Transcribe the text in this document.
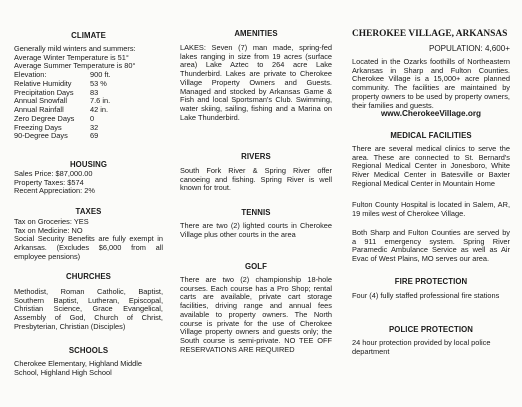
CLIMATE

Generally mild winters and summers:

Average Winter Temperature is 51°
Average Summer Temperature is 80°
Elevation:	900 ft.
Relative Humidity	53 %
Precipitation Days	83
Annual Snowfall	7.6 in.
Annual Rainfall	42 in.
Zero Degree Days	0
Freezing Days	32
90-Degree Days	69
HOUSING

Sales Price: $87,000.00

Property Taxes: $574

Recent Appreciation: 2%

TAXES

Tax on Groceries: YES

Tax on Medicine: NO

Social Security Benefits are fully exempt in Arkansas. (Excludes $6,000 from all employee pensions)

CHURCHES

Methodist, Roman Catholic, Baptist, Southern Baptist, Lutheran, Episcopal, Christian Science, Grace Evangelical, Assembly of God, Church of Christ, Presbyterian, Christian (Disciples)

SCHOOLS

Cherokee Elementary, Highland Middle School, Highland High School

AMENITIES

LAKES: Seven (7) man made, spring-fed lakes ranging in size from 19 acres (surface area) Lake Aztec to 264 acre Lake Thunderbird. Lakes are private to Cherokee Village Property Owners and Guests. Managed and stocked by Arkansas Game & Fish and local Sportsman's Club. Swimming, water skiing, sailing, fishing and a Marina on Lake Thunderbird.

RIVERS

South Fork River & Spring River offer canoeing and fishing. Spring River is well known for trout.

TENNIS

There are two (2) lighted courts in Cherokee Village plus other courts in the area

GOLF

There are two (2) championship 18-hole courses. Each course has a Pro Shop; rental carts are available, private cart storage facilities, driving range and annual fees available to property owners. The North course is private for the use of Cherokee Village property owners and guests only; the South course is semi-private. NO TEE OFF RESERVATIONS ARE REQUIRED

CHEROKEE VILLAGE, ARKANSAS
POPULATION: 4,600+

Located in the Ozarks foothills of Northeastern Arkansas in Sharp and Fulton Counties. Cherokee Village is a 15,000+ acre planned community. The facilities are maintained by property owners to be used by property owners, their families and guests.

www.CherokeeVillage.org
MEDICAL FACILITIES

There are several medical clinics to serve the area. These are connected to St. Bernard's Regional Medical Center in Jonesboro, White River Medical Center in Batesville or Baxter Regional Medical Center in Mountain Home

Fulton County Hospital is located in Salem, AR, 19 miles west of Cherokee Village.

Both Sharp and Fulton Counties are served by a 911 emergency system. Spring River Paramedic Ambulance Service as well as Air Evac of West Plains, MO serves our area.

FIRE PROTECTION

Four (4) fully staffed professional fire stations

POLICE PROTECTION

24 hour protection provided by local police department
